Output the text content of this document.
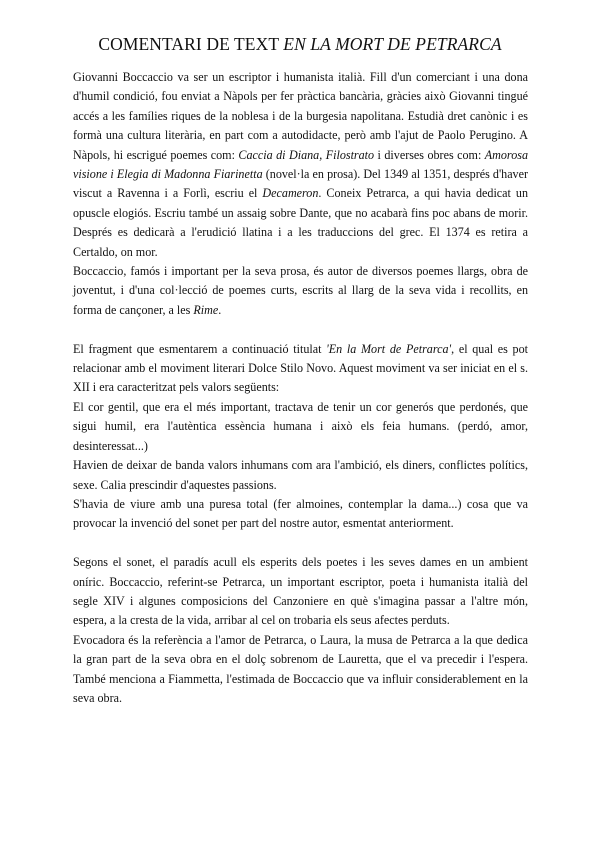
COMENTARI DE TEXT EN LA MORT DE PETRARCA

Giovanni Boccaccio va ser un escriptor i humanista italià. Fill d'un comerciant i una dona d'humil condició, fou enviat a Nàpols per fer pràctica bancària, gràcies això Giovanni tingué accés a les famílies riques de la noblesa i de la burgesia napolitana. Estudià dret canònic i es formà una cultura literària, en part com a autodidacte, però amb l'ajut de Paolo Perugino. A Nàpols, hi escrigué poemes com: Caccia di Diana, Filostrato i diverses obres com: Amorosa visione i Elegia di Madonna Fiarinetta (novel·la en prosa). Del 1349 al 1351, després d'haver viscut a Ravenna i a Forlì, escriu el Decameron. Coneix Petrarca, a qui havia dedicat un opuscle elogiós. Escriu també un assaig sobre Dante, que no acabarà fins poc abans de morir. Després es dedicarà a l'erudició llatina i a les traduccions del grec. El 1374 es retira a Certaldo, on mor.

Boccaccio, famós i important per la seva prosa, és autor de diversos poemes llargs, obra de joventut, i d'una col·lecció de poemes curts, escrits al llarg de la seva vida i recollits, en forma de cançoner, a les Rime.

El fragment que esmentarem a continuació titulat 'En la Mort de Petrarca', el qual es pot relacionar amb el moviment literari Dolce Stilo Novo. Aquest moviment va ser iniciat en el s. XII i era caracteritzat pels valors següents:

El cor gentil, que era el més important, tractava de tenir un cor generós que perdonés, que sigui humil, era l'autèntica essència humana i això els feia humans. (perdó, amor, desinteressat...)

Havien de deixar de banda valors inhumans com ara l'ambició, els diners, conflictes polítics, sexe. Calia prescindir d'aquestes passions.

S'havia de viure amb una puresa total (fer almoines, contemplar la dama...) cosa que va provocar la invenció del sonet per part del nostre autor, esmentat anteriorment.

Segons el sonet, el paradís acull els esperits dels poetes i les seves dames en un ambient oníric. Boccaccio, referint-se Petrarca, un important escriptor, poeta i humanista italià del segle XIV i algunes composicions del Canzoniere en què s'imagina passar a l'altre món, espera, a la cresta de la vida, arribar al cel on trobaria els seus afectes perduts.

Evocadora és la referència a l'amor de Petrarca, o Laura, la musa de Petrarca a la que dedica la gran part de la seva obra en el dolç sobrenom de Lauretta, que el va precedir i l'espera. També menciona a Fiammetta, l'estimada de Boccaccio que va influir considerablement en la seva obra.
